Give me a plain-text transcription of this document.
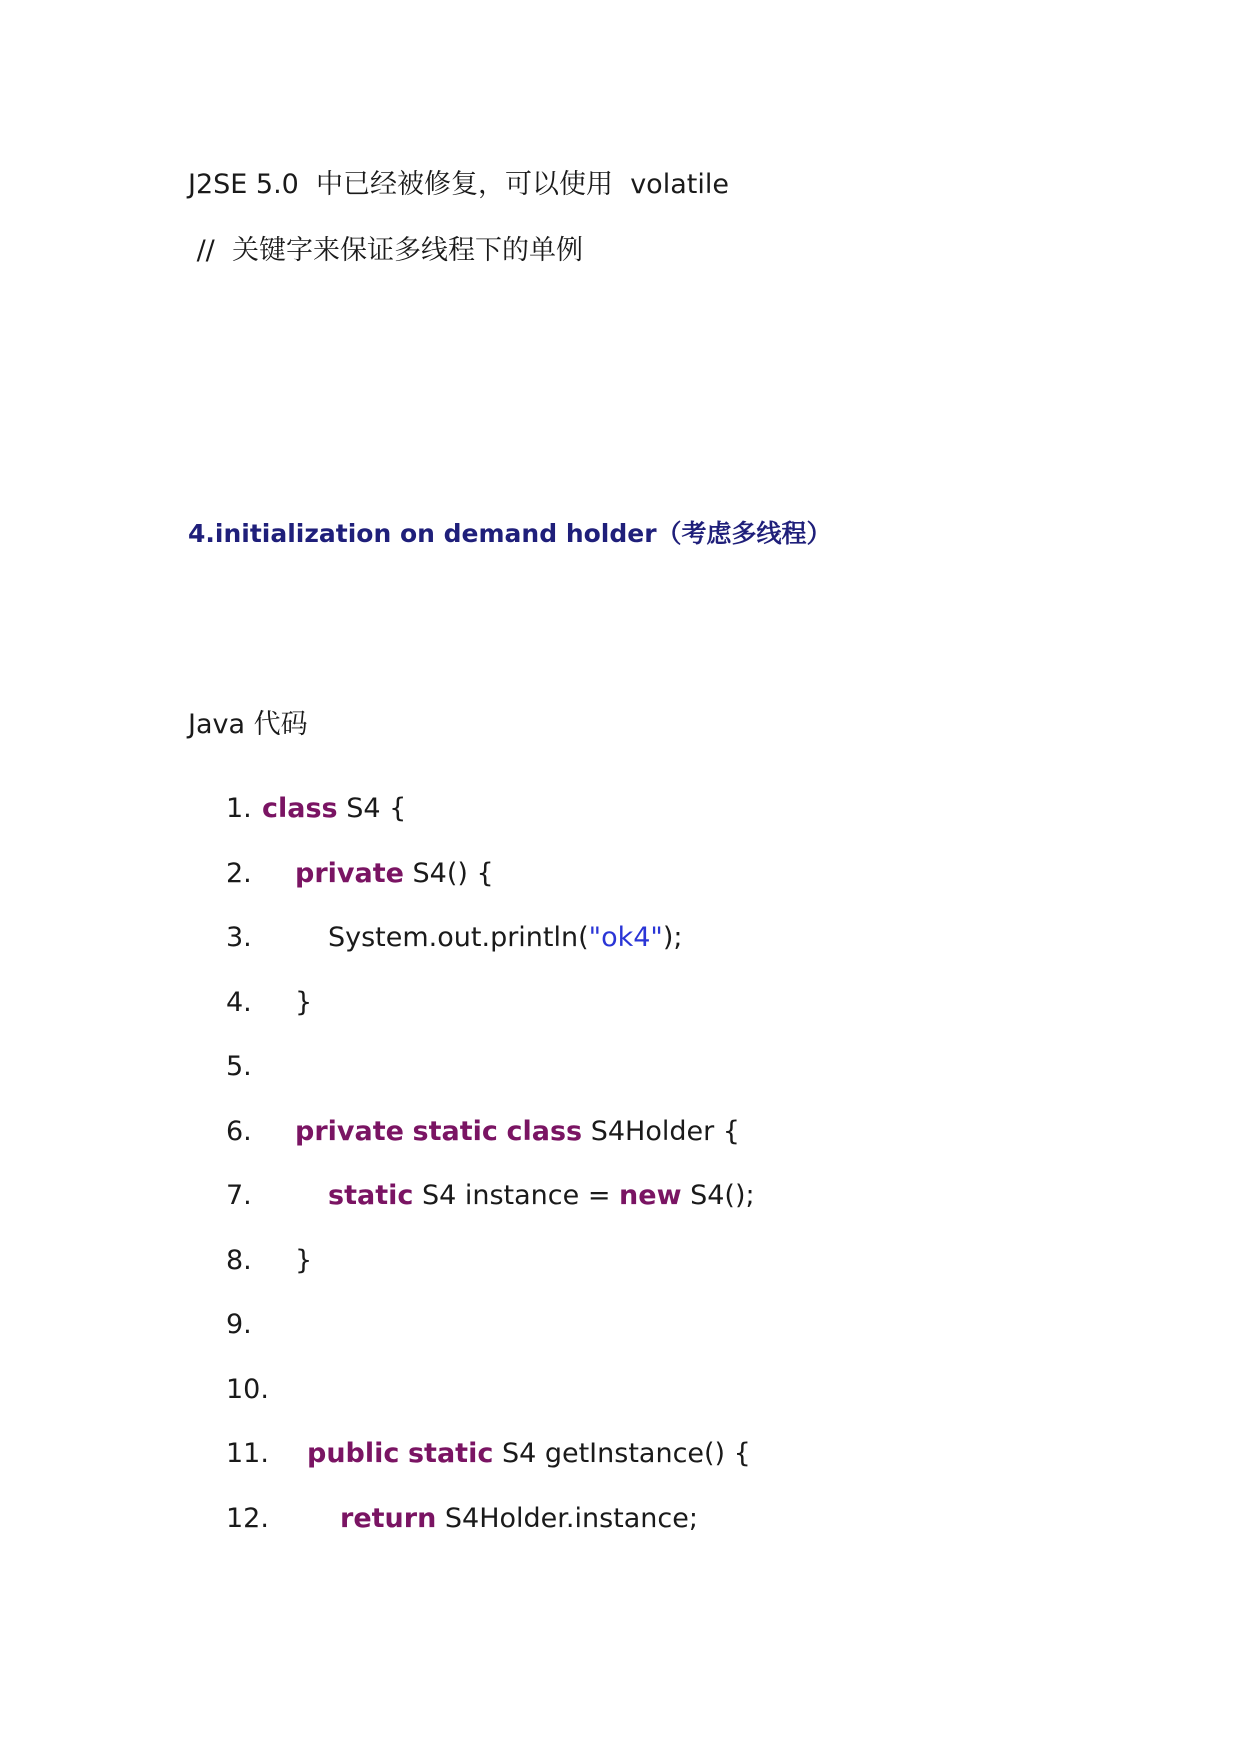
J2SE 5.0  中已经被修复，可以使用  volatile

//  关键字来保证多线程下的单例

4.initialization on demand holder（考虑多线程）

Java 代码

1. class S4 {
2. private S4() {
3.	System.out.println("ok4");
4. }
5.
6. private static class S4Holder {
7.	static S4 instance = new S4();
8. }
9.
10.
11. public static S4 getInstance() {
12.	return S4Holder.instance;
